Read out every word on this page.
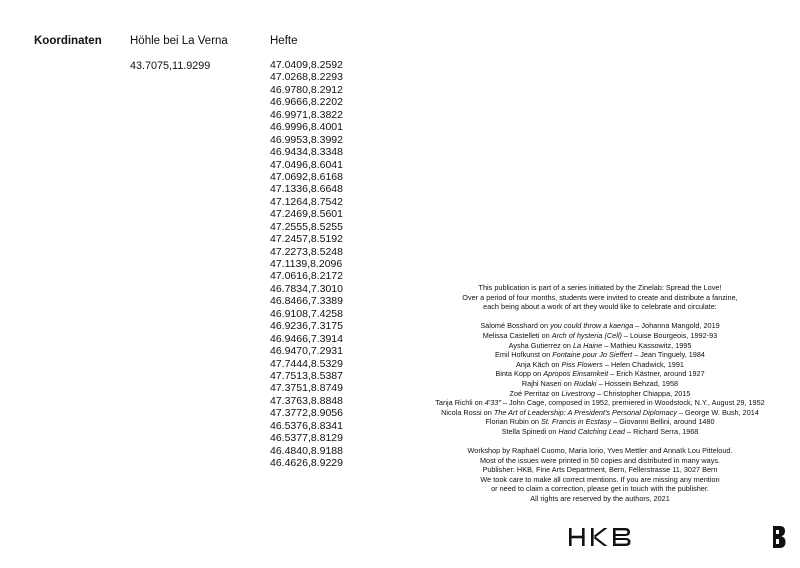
Koordinaten Höhle bei La Verna	Hefte
43.7075,11.9299	47.0409,8.2592
47.0268,8.2293
46.9780,8.2912
46.9666,8.2202
46.9971,8.3822
46.9996,8.4001
46.9953,8.3992
46.9434,8.3348
47.0496,8.6041
47.0692,8.6168
47.1336,8.6648
47.1264,8.7542
47.2469,8.5601
47.2555,8.5255
47.2457,8.5192
47.2273,8.5248
47.1139,8.2096
47.0616,8.2172
46.7834,7.3010
46.8466,7.3389
46.9108,7.4258
46.9236,7.3175
46.9466,7.3914
46.9470,7.2931
47.7444,8.5329
47.7513,8.5387
47.3751,8.8749
47.3763,8.8848
47.3772,8.9056
46.5376,8.8341
46.5377,8.8129
46.4840,8.9188
46.4626,8.9229

This publication is part of a series initiated by the Zinelab: Spread the Love!

Over a period of four months, students were invited to create and distribute a fanzine,

each being about a work of art they would like to celebrate and circulate:

Salomé Bosshard on you could throw a kaenga – Johanna Mangold, 2019

Melissa Castelleti on Arch of hysteria (Cell) – Louise Bourgeois, 1992-93

Aysha Gutierrez on La Haine – Mathieu Kassowitz, 1995

Emil Hofkunst on Fontaine pour Jo Sieffert – Jean Tinguely, 1984

Anja Käch on Piss Flowers – Helen Chadwick, 1991

Binta Kopp on Apropos Einsamkeit – Erich Kästner, around 1927

Rajhi Naseri on Rudaki – Hossein Behzad, 1958

Zoé Perritaz on Livestrong – Christopher Chiappa, 2015

Tanja Richli on 4'33" – John Cage, composed in 1952, premiered in Woodstock, N.Y., August 29, 1952

Nicola Rossi on The Art of Leadership: A President's Personal Diplomacy – George W. Bush, 2014

Florian Rubin on St. Francis in Ecstasy – Giovanni Bellini, around 1480

Stella Spinedi on Hand Catching Lead – Richard Serra, 1968

Workshop by Raphaël Cuomo, Maria Iorio, Yves Mettler and Annaïk Lou Pitteloud.

Most of the issues were printed in 50 copies and distributed in many ways.

Publisher: HKB, Fine Arts Department, Bern, Fellerstrasse 11, 3027 Bern

We took care to make all correct mentions. If you are missing any mention

or need to claim a correction, please get in touch with the publisher.

All rights are reserved by the authors, 2021
